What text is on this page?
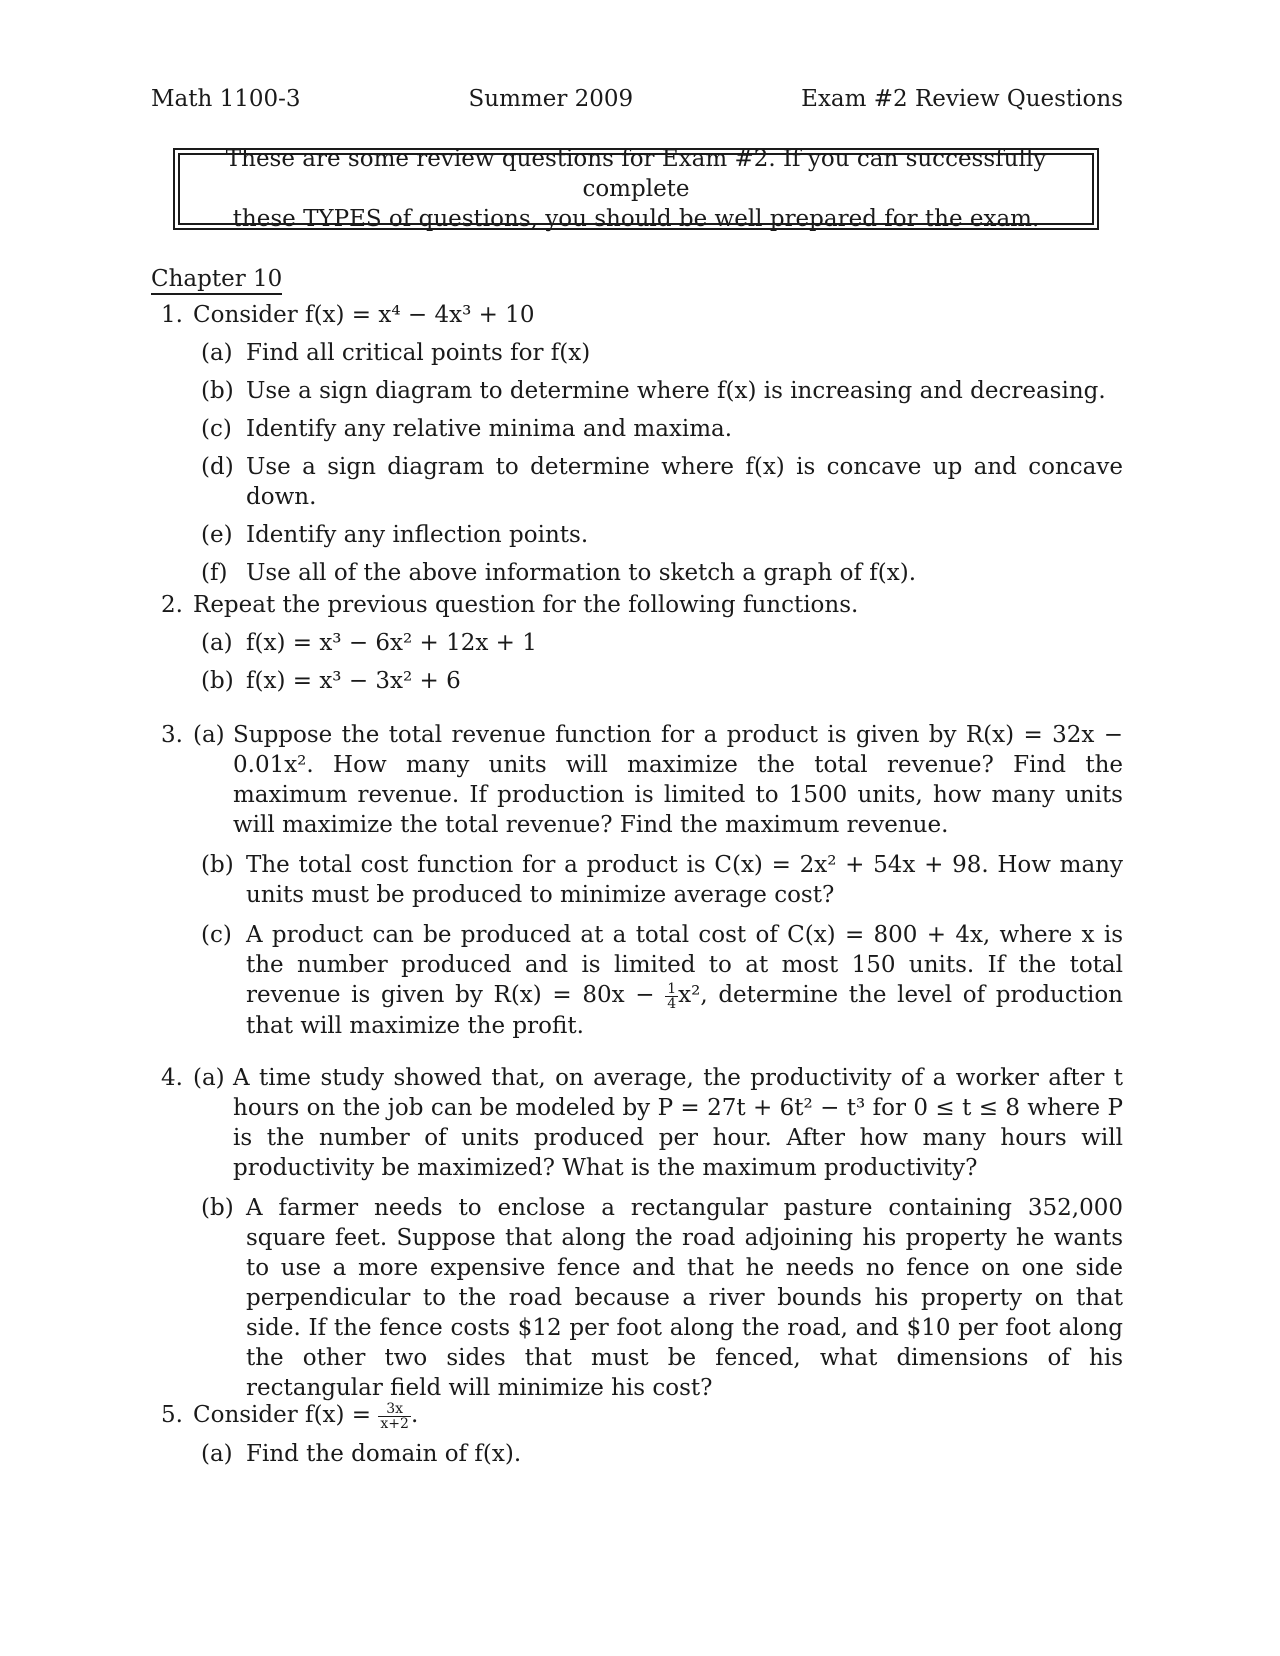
Math 1100-3	Summer 2009	Exam #2 Review Questions
These are some review questions for Exam #2. If you can successfully complete
these TYPES of questions, you should be well prepared for the exam.
Chapter 10
1. Consider f(x) = x⁴ − 4x³ + 10
(a) Find all critical points for f(x)
(b) Use a sign diagram to determine where f(x) is increasing and decreasing.
(c) Identify any relative minima and maxima.
(d) Use a sign diagram to determine where f(x) is concave up and concave down.
(e) Identify any inflection points.
(f) Use all of the above information to sketch a graph of f(x).
2. Repeat the previous question for the following functions.
(a) f(x) = x³ − 6x² + 12x + 1
(b) f(x) = x³ − 3x² + 6
3. (a) Suppose the total revenue function for a product is given by R(x) = 32x − 0.01x². How many units will maximize the total revenue? Find the maximum revenue. If production is limited to 1500 units, how many units will maximize the total revenue? Find the maximum revenue.
(b) The total cost function for a product is C(x) = 2x² + 54x + 98. How many units must be produced to minimize average cost?
(c) A product can be produced at a total cost of C(x) = 800 + 4x, where x is the number produced and is limited to at most 150 units. If the total revenue is given by $R(x) = 80x - \frac{1}{4} x^2$, determine the level of production that will maximize the profit.
4. (a) A time study showed that, on average, the productivity of a worker after t hours on the job can be modeled by P = 27t + 6t² − t³ for 0 ≤ t ≤ 8 where P is the number of units produced per hour. After how many hours will productivity be maximized? What is the maximum productivity?
(b) A farmer needs to enclose a rectangular pasture containing 352,000 square feet. Suppose that along the road adjoining his property he wants to use a more expensive fence and that he needs no fence on one side perpendicular to the road because a river bounds his property on that side. If the fence costs $12 per foot along the road, and $10 per foot along the other two sides that must be fenced, what dimensions of his rectangular field will minimize his cost?
5. Consider $f(x) = \frac{3x}{x+2}$ .
(a) Find the domain of f(x).
